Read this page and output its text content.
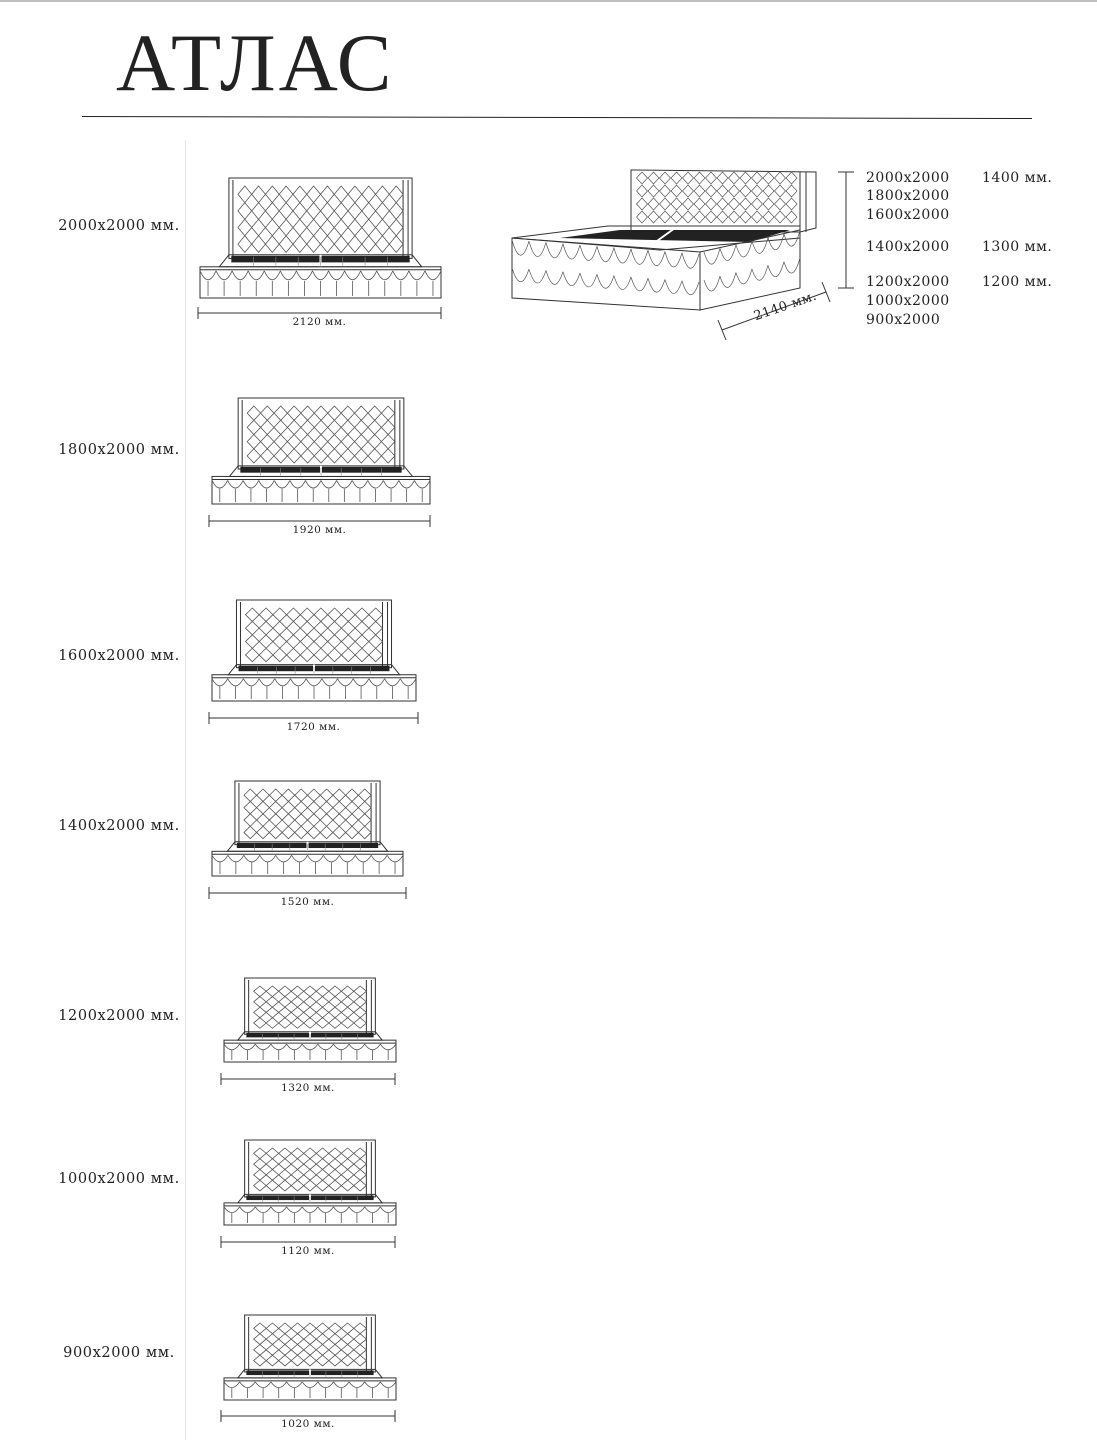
АТЛАС
2000х2000 мм.
1800х2000 мм.
1600х2000 мм.
1400х2000 мм.
1200х2000 мм.
1000х2000 мм.
900х2000 мм.
2120 мм.
1920 мм.
1720 мм.
1520 мм.
1320 мм.
1120 мм.
1020 мм.
2140 мм.
2000х2000
1800х2000
1600х2000
1400х2000
1200х2000
1000х2000
900х2000
1400 мм.
1300 мм.
1200 мм.
